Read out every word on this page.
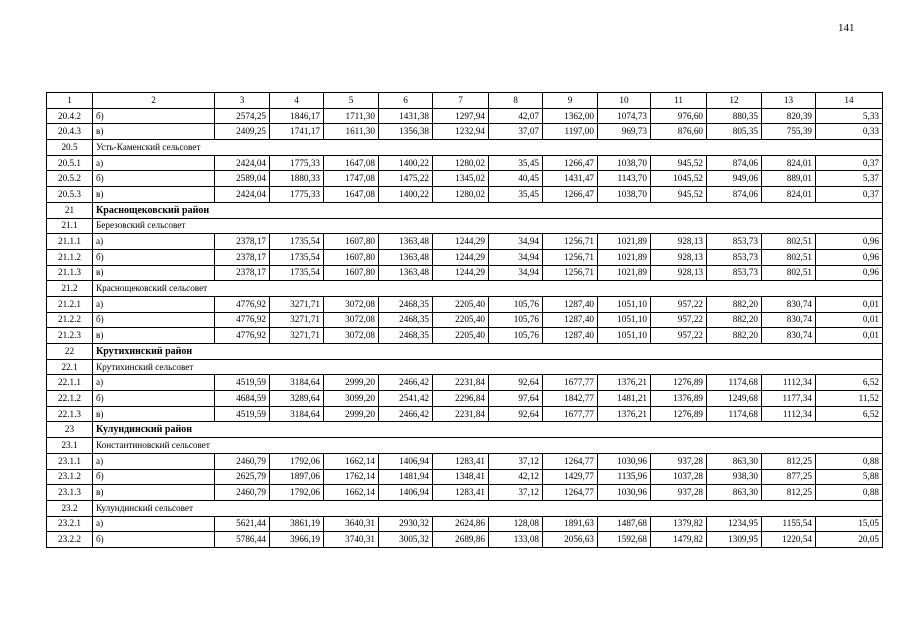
141
1	2	3	4	5	6	7	8	9	10	11	12	13	14
20.4.2	б)	2574,25	1846,17	1711,30	1431,38	1297,94	42,07	1362,00	1074,73	976,60	880,35	820,39	5,33
20.4.3	в)	2409,25	1741,17	1611,30	1356,38	1232,94	37,07	1197,00	969,73	876,60	805,35	755,39	0,33
20.5	Усть-Каменский сельсовет												
20.5.1	а)	2424,04	1775,33	1647,08	1400,22	1280,02	35,45	1266,47	1038,70	945,52	874,06	824,01	0,37
20.5.2	б)	2589,04	1880,33	1747,08	1475,22	1345,02	40,45	1431,47	1143,70	1045,52	949,06	889,01	5,37
20.5.3	в)	2424,04	1775,33	1647,08	1400,22	1280,02	35,45	1266,47	1038,70	945,52	874,06	824,01	0,37
21	Краснощековский район												
21.1	Березовский сельсовет												
21.1.1	а)	2378,17	1735,54	1607,80	1363,48	1244,29	34,94	1256,71	1021,89	928,13	853,73	802,51	0,96
21.1.2	б)	2378,17	1735,54	1607,80	1363,48	1244,29	34,94	1256,71	1021,89	928,13	853,73	802,51	0,96
21.1.3	в)	2378,17	1735,54	1607,80	1363,48	1244,29	34,94	1256,71	1021,89	928,13	853,73	802,51	0,96
21.2	Краснощековский сельсовет												
21.2.1	а)	4776,92	3271,71	3072,08	2468,35	2205,40	105,76	1287,40	1051,10	957,22	882,20	830,74	0,01
21.2.2	б)	4776,92	3271,71	3072,08	2468,35	2205,40	105,76	1287,40	1051,10	957,22	882,20	830,74	0,01
21.2.3	в)	4776,92	3271,71	3072,08	2468,35	2205,40	105,76	1287,40	1051,10	957,22	882,20	830,74	0,01
22	Крутихинский район												
22.1	Крутихинский сельсовет												
22.1.1	а)	4519,59	3184,64	2999,20	2466,42	2231,84	92,64	1677,77	1376,21	1276,89	1174,68	1112,34	6,52
22.1.2	б)	4684,59	3289,64	3099,20	2541,42	2296,84	97,64	1842,77	1481,21	1376,89	1249,68	1177,34	11,52
22.1.3	в)	4519,59	3184,64	2999,20	2466,42	2231,84	92,64	1677,77	1376,21	1276,89	1174,68	1112,34	6,52
23	Кулундинский район												
23.1	Константиновский сельсовет												
23.1.1	а)	2460,79	1792,06	1662,14	1406,94	1283,41	37,12	1264,77	1030,96	937,28	863,30	812,25	0,88
23.1.2	б)	2625,79	1897,06	1762,14	1481,94	1348,41	42,12	1429,77	1135,96	1037,28	938,30	877,25	5,88
23.1.3	в)	2460,79	1792,06	1662,14	1406,94	1283,41	37,12	1264,77	1030,96	937,28	863,30	812,25	0,88
23.2	Кулундинский сельсовет												
23.2.1	а)	5621,44	3861,19	3640,31	2930,32	2624,86	128,08	1891,63	1487,68	1379,82	1234,95	1155,54	15,05
23.2.2	б)	5786,44	3966,19	3740,31	3005,32	2689,86	133,08	2056,63	1592,68	1479,82	1309,95	1220,54	20,05
